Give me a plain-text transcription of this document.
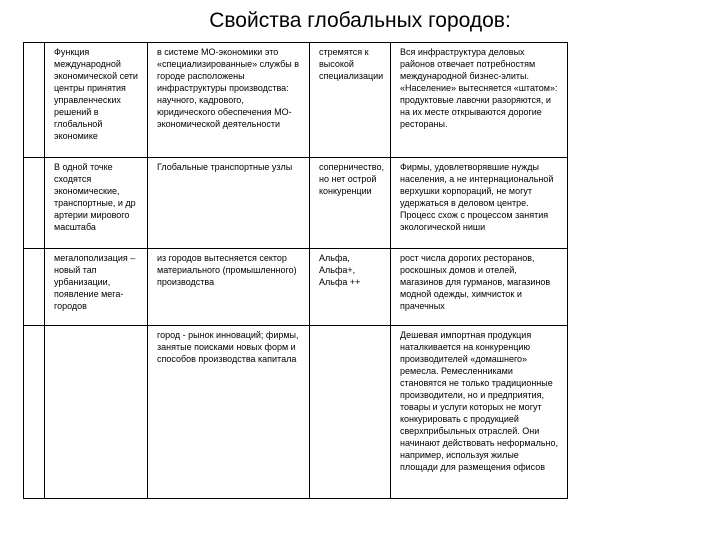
Свойства глобальных городов:
	Функция международной экономической сети центры принятия управленческих решений в глобальной экономике	в системе МО-экономики это «специализированные» службы в городе расположены инфраструктуры производства: научного, кадрового, юридического обеспечения МО-экономической деятельности	стремятся к высокой специализации	Вся инфраструктура деловых районов отвечает потребностям международной бизнес-элиты. «Население» вытесняется «штатом»: продуктовые лавочки разоряются, и на их месте открываются дорогие рестораны.
	В одной точке сходятся экономические, транспортные, и др артерии мирового масштаба	Глобальные транспортные узлы	соперничество, но нет острой конкуренции	Фирмы, удовлетворявшие нужды населения, а не интернациональной верхушки корпораций, не могут удержаться в деловом центре. Процесс схож с процессом занятия экологической ниши
	мегалополизация – новый тап урбанизации, появление мега-городов	из городов вытесняется сектор материального (промышленного) производства	Альфа,
Альфа+,
Альфа ++	рост числа дорогих ресторанов, роскошных домов и отелей, магазинов для гурманов, магазинов модной одежды, химчисток и прачечных
		город - рынок инноваций; фирмы, занятые поисками новых форм и способов производства капитала		Дешевая импортная продукция наталкивается на конкуренцию производителей «домашнего» ремесла. Ремесленниками становятся не только традиционные производители, но и предприятия, товары и услуги которых не могут конкурировать с продукцией сверхприбыльных отраслей. Они начинают действовать неформально, например, используя жилые площади для размещения офисов
